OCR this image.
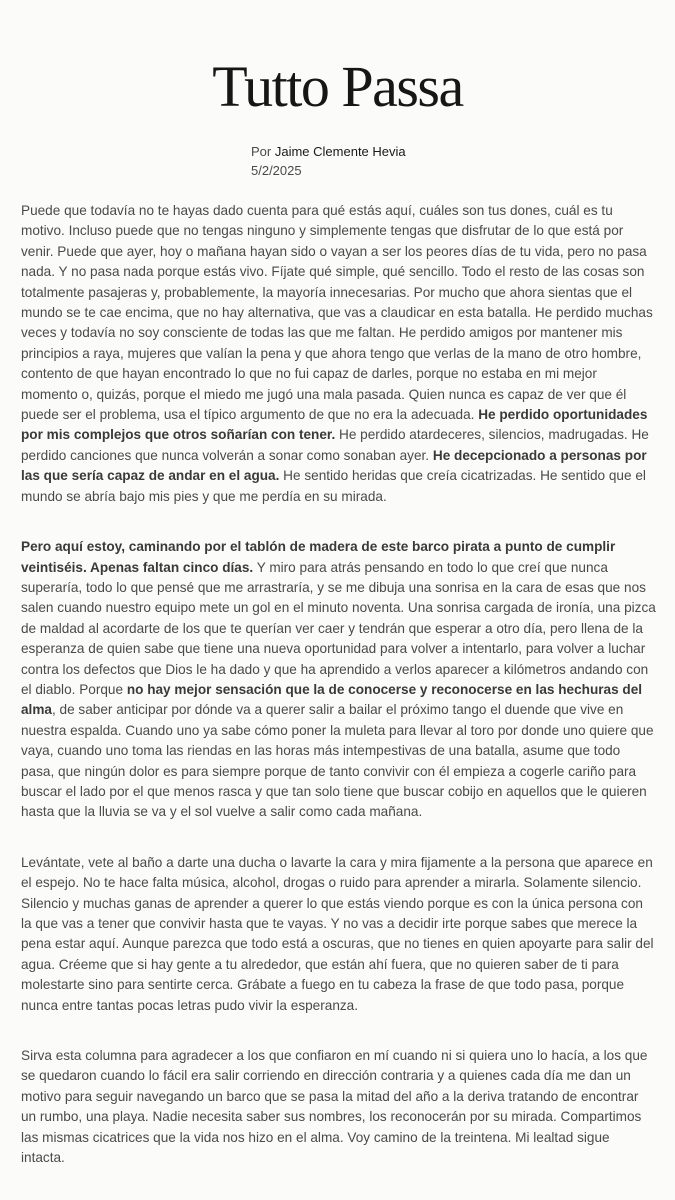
Tutto Passa
Por Jaime Clemente Hevia
5/2/2025

Puede que todavía no te hayas dado cuenta para qué estás aquí, cuáles son tus dones, cuál es tu motivo. Incluso puede que no tengas ninguno y simplemente tengas que disfrutar de lo que está por venir. Puede que ayer, hoy o mañana hayan sido o vayan a ser los peores días de tu vida, pero no pasa nada. Y no pasa nada porque estás vivo. Fíjate qué simple, qué sencillo. Todo el resto de las cosas son totalmente pasajeras y, probablemente, la mayoría innecesarias. Por mucho que ahora sientas que el mundo se te cae encima, que no hay alternativa, que vas a claudicar en esta batalla. He perdido muchas veces y todavía no soy consciente de todas las que me faltan. He perdido amigos por mantener mis principios a raya, mujeres que valían la pena y que ahora tengo que verlas de la mano de otro hombre, contento de que hayan encontrado lo que no fui capaz de darles, porque no estaba en mi mejor momento o, quizás, porque el miedo me jugó una mala pasada. Quien nunca es capaz de ver que él puede ser el problema, usa el típico argumento de que no era la adecuada. He perdido oportunidades por mis complejos que otros soñarían con tener. He perdido atardeceres, silencios, madrugadas. He perdido canciones que nunca volverán a sonar como sonaban ayer. He decepcionado a personas por las que sería capaz de andar en el agua. He sentido heridas que creía cicatrizadas. He sentido que el mundo se abría bajo mis pies y que me perdía en su mirada.

Pero aquí estoy, caminando por el tablón de madera de este barco pirata a punto de cumplir veintiséis. Apenas faltan cinco días. Y miro para atrás pensando en todo lo que creí que nunca superaría, todo lo que pensé que me arrastraría, y se me dibuja una sonrisa en la cara de esas que nos salen cuando nuestro equipo mete un gol en el minuto noventa. Una sonrisa cargada de ironía, una pizca de maldad al acordarte de los que te querían ver caer y tendrán que esperar a otro día, pero llena de la esperanza de quien sabe que tiene una nueva oportunidad para volver a intentarlo, para volver a luchar contra los defectos que Dios le ha dado y que ha aprendido a verlos aparecer a kilómetros andando con el diablo. Porque no hay mejor sensación que la de conocerse y reconocerse en las hechuras del alma, de saber anticipar por dónde va a querer salir a bailar el próximo tango el duende que vive en nuestra espalda. Cuando uno ya sabe cómo poner la muleta para llevar al toro por donde uno quiere que vaya, cuando uno toma las riendas en las horas más intempestivas de una batalla, asume que todo pasa, que ningún dolor es para siempre porque de tanto convivir con él empieza a cogerle cariño para buscar el lado por el que menos rasca y que tan solo tiene que buscar cobijo en aquellos que le quieren hasta que la lluvia se va y el sol vuelve a salir como cada mañana.

Levántate, vete al baño a darte una ducha o lavarte la cara y mira fijamente a la persona que aparece en el espejo. No te hace falta música, alcohol, drogas o ruido para aprender a mirarla. Solamente silencio. Silencio y muchas ganas de aprender a querer lo que estás viendo porque es con la única persona con la que vas a tener que convivir hasta que te vayas. Y no vas a decidir irte porque sabes que merece la pena estar aquí. Aunque parezca que todo está a oscuras, que no tienes en quien apoyarte para salir del agua. Créeme que si hay gente a tu alrededor, que están ahí fuera, que no quieren saber de ti para molestarte sino para sentirte cerca. Grábate a fuego en tu cabeza la frase de que todo pasa, porque nunca entre tantas pocas letras pudo vivir la esperanza.

Sirva esta columna para agradecer a los que confiaron en mí cuando ni si quiera uno lo hacía, a los que se quedaron cuando lo fácil era salir corriendo en dirección contraria y a quienes cada día me dan un motivo para seguir navegando un barco que se pasa la mitad del año a la deriva tratando de encontrar un rumbo, una playa. Nadie necesita saber sus nombres, los reconocerán por su mirada. Compartimos las mismas cicatrices que la vida nos hizo en el alma. Voy camino de la treintena. Mi lealtad sigue intacta.
